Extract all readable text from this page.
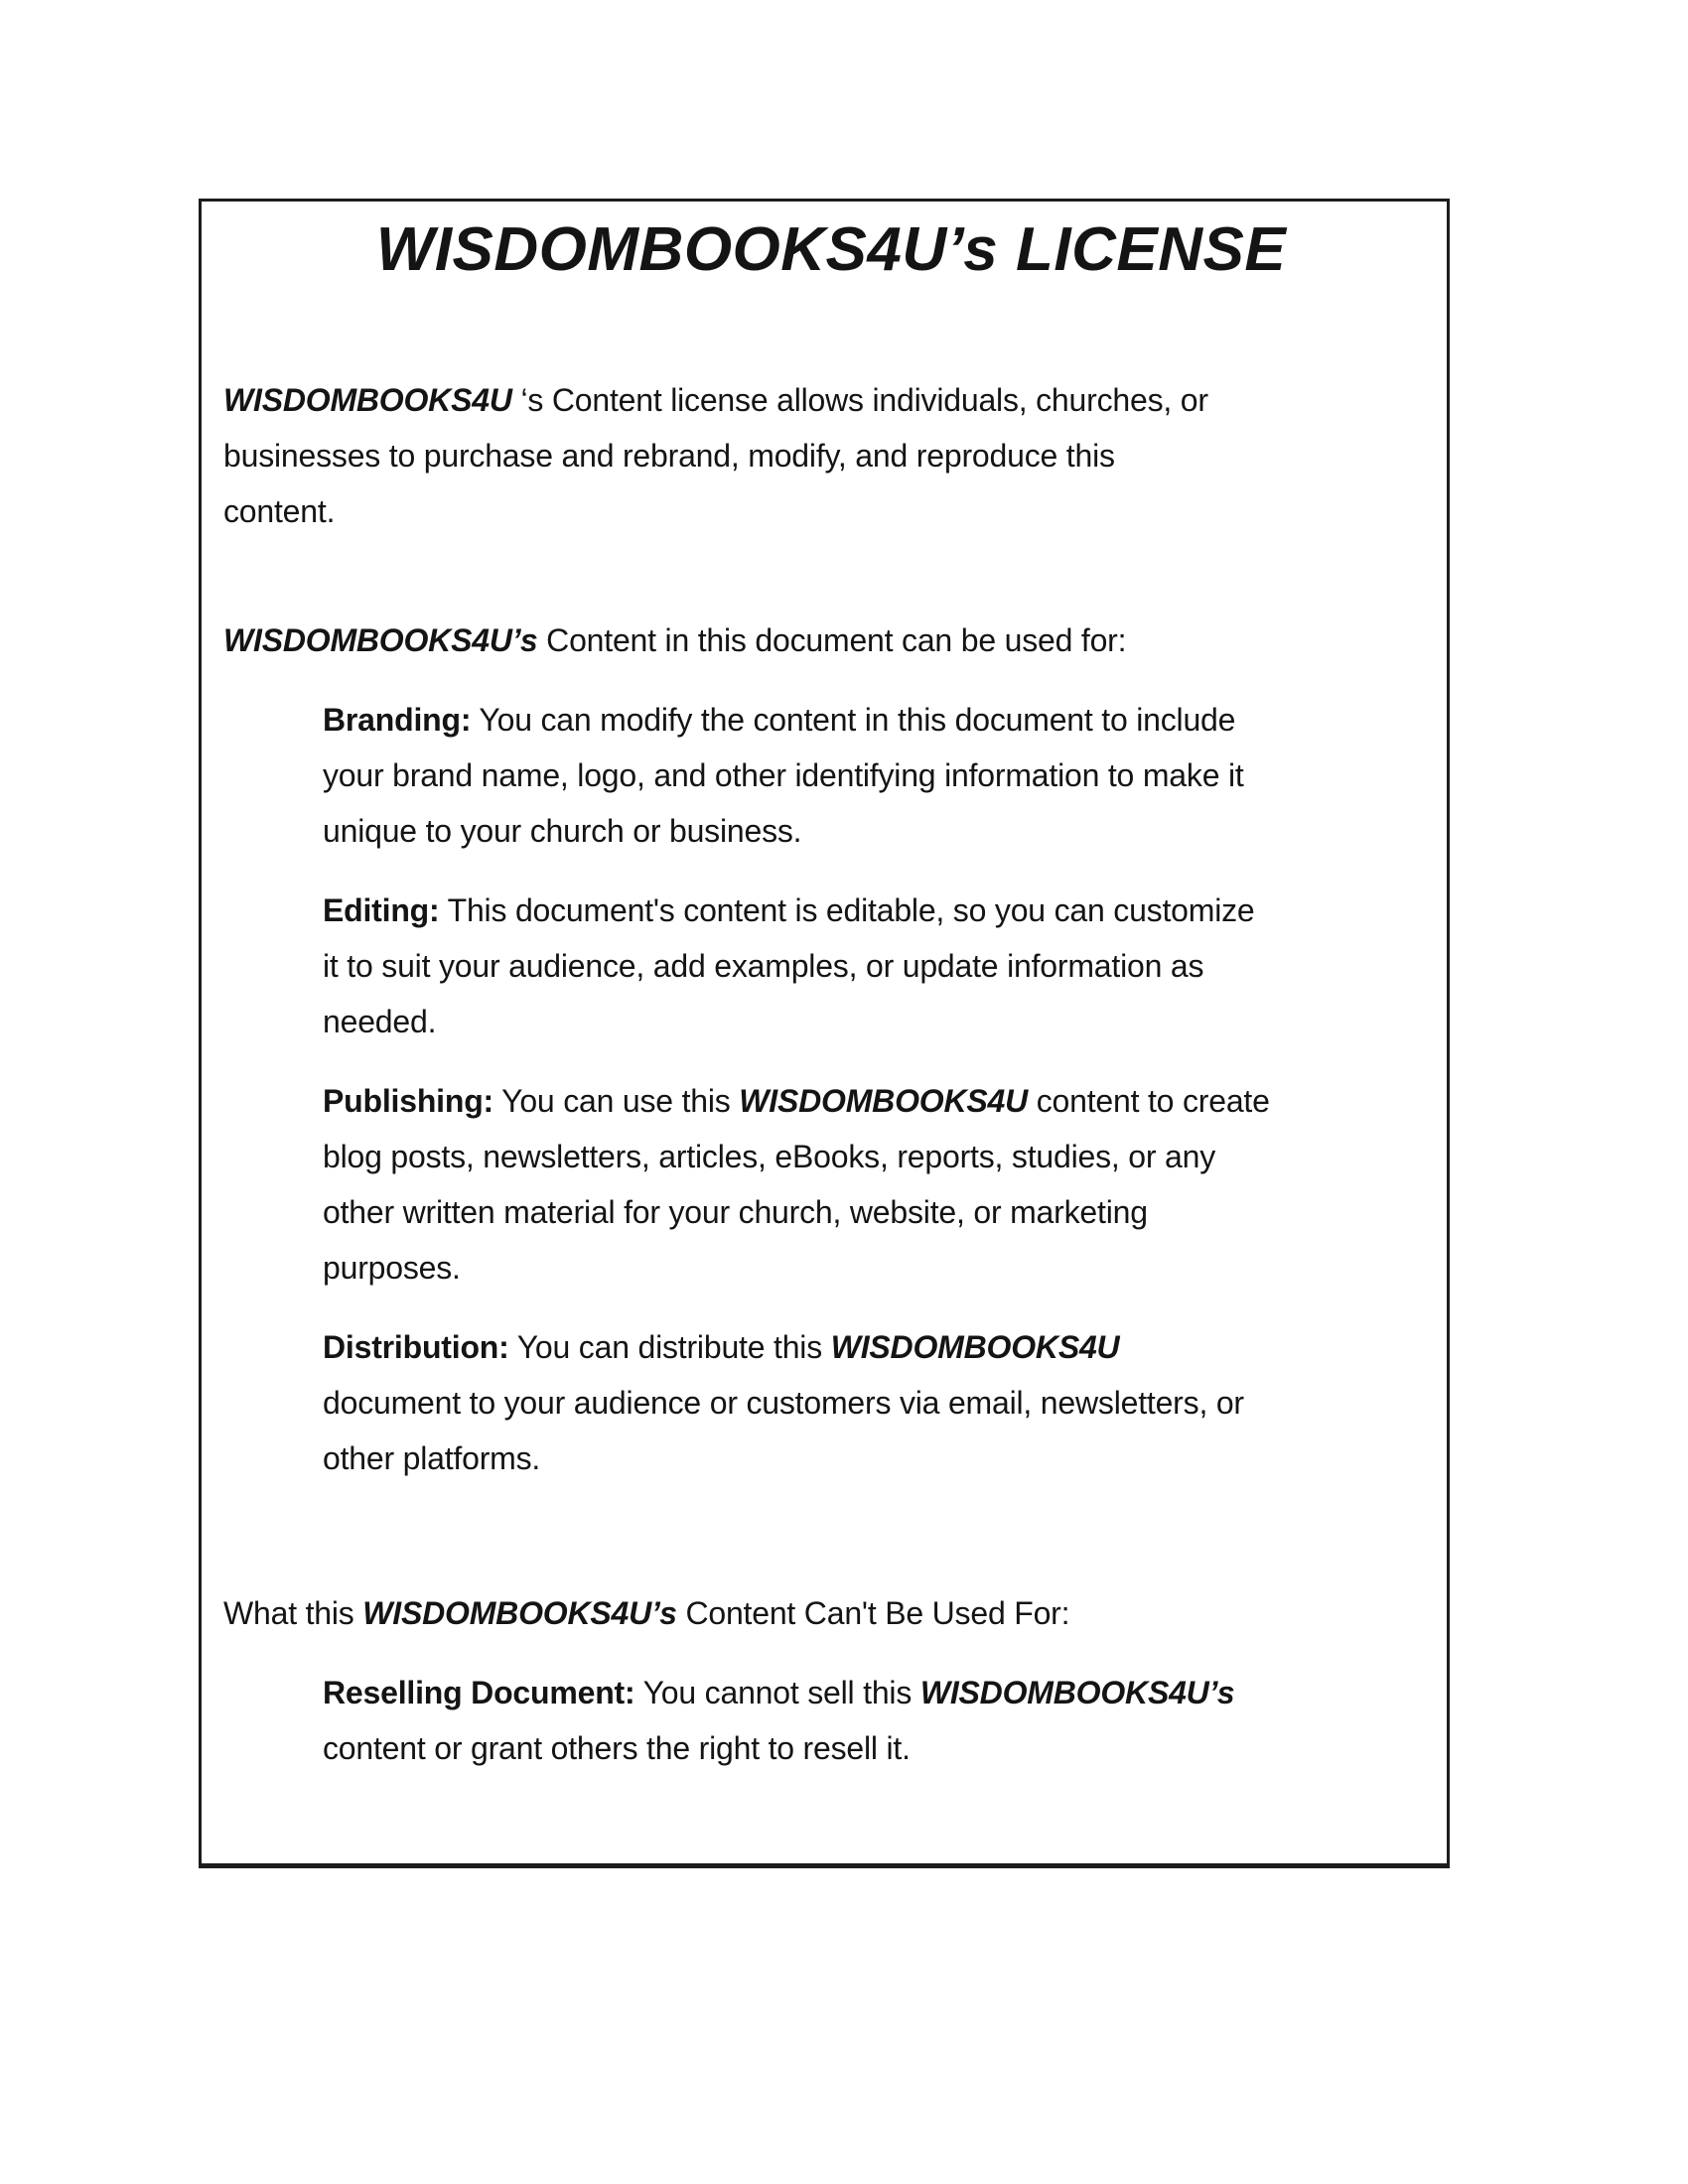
WISDOMBOOKS4U’s LICENSE
WISDOMBOOKS4U ‘s Content license allows individuals, churches, or
businesses to purchase and rebrand, modify, and reproduce this
content.
WISDOMBOOKS4U’s Content in this document can be used for:
Branding: You can modify the content in this document to include
your brand name, logo, and other identifying information to make it
unique to your church or business.
Editing: This document's content is editable, so you can customize
it to suit your audience, add examples, or update information as
needed.
Publishing: You can use this WISDOMBOOKS4U content to create
blog posts, newsletters, articles, eBooks, reports, studies, or any
other written material for your church, website, or marketing
purposes.
Distribution: You can distribute this WISDOMBOOKS4U
document to your audience or customers via email, newsletters, or
other platforms.
What this WISDOMBOOKS4U’s Content Can't Be Used For:
Reselling Document: You cannot sell this WISDOMBOOKS4U’s
content or grant others the right to resell it.
